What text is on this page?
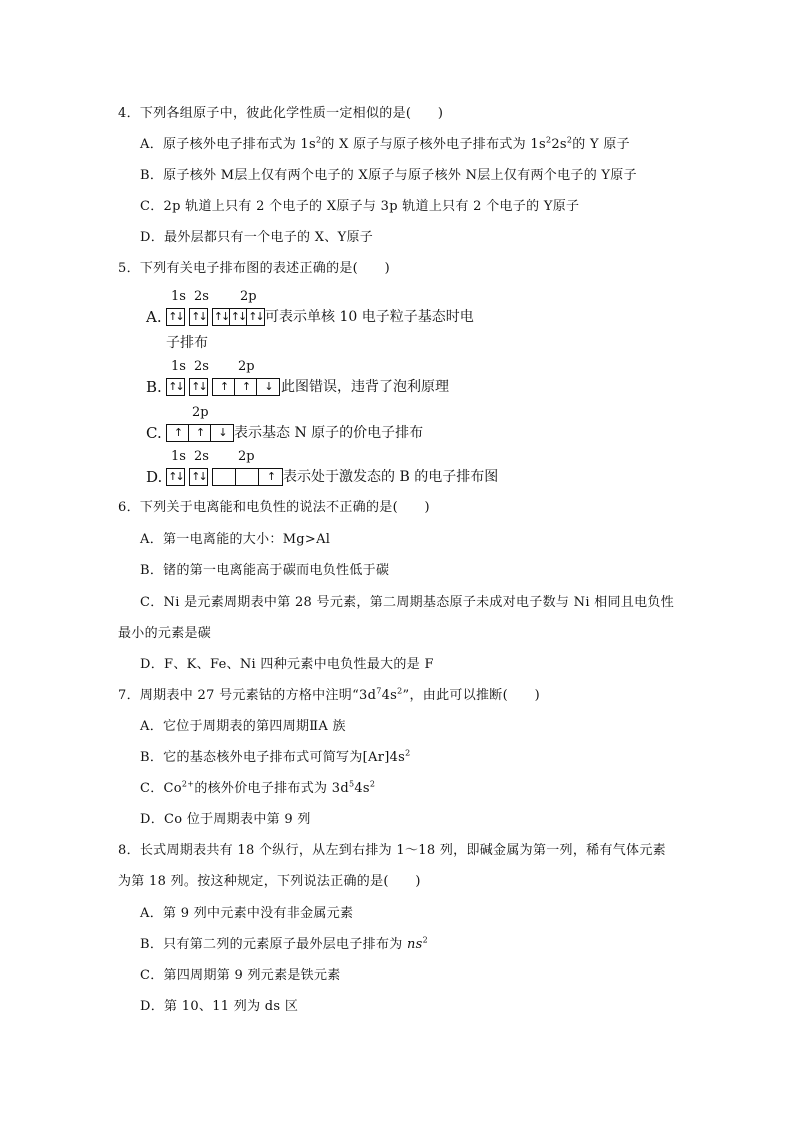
4．下列各组原子中，彼此化学性质一定相似的是(　　)
A．原子核外电子排布式为 $1s^2$的 X 原子与原子核外电子排布式为 $1s^22s^2$的 Y 原子
B．原子核外 M层上仅有两个电子的 X原子与原子核外 N层上仅有两个电子的 Y原子
C．2p 轨道上只有 2 个电子的 X原子与 3p 轨道上只有 2 个电子的 Y原子
D．最外层都只有一个电子的 X、Y原子
5．下列有关电子排布图的表述正确的是(　　)
A.
1s 2s 2p
↑↓ ↑↓ ↑↓ ↑↓ ↑↓ 可表示单核 10 电子粒子基态时电
子排布
B.
1s 2s 2p
↑↓ ↑↓ ↑ ↑ ↓ 此图错误，违背了泡利原理
C.
2p
↑ ↑ ↓ 表示基态 N 原子的价电子排布
D.
1s 2s 2p
↑↓ ↑↓	↑ 表示处于激发态的 B 的电子排布图
6．下列关于电离能和电负性的说法不正确的是(　　)
A．第一电离能的大小：Mg>Al
B．锗的第一电离能高于碳而电负性低于碳
C．Ni 是元素周期表中第 28 号元素，第二周期基态原子未成对电子数与 Ni 相同且电负性
最小的元素是碳
D．F、K、Fe、Ni 四种元素中电负性最大的是 F
7．周期表中 27 号元素钴的方格中注明“$3d^74s^2$”，由此可以推断(　　)
A．它位于周期表的第四周期ⅡA 族
B．它的基态核外电子排布式可简写为$[Ar]4s^2$
C．$Co^{2+}$的核外价电子排布式为 $3d^54s^2$
D．Co 位于周期表中第 9 列
8．长式周期表共有 18 个纵行，从左到右排为 1～18 列，即碱金属为第一列，稀有气体元素
为第 18 列。按这种规定，下列说法正确的是(　　)
A．第 9 列中元素中没有非金属元素
B．只有第二列的元素原子最外层电子排布为 $ns^2$
C．第四周期第 9 列元素是铁元素
D．第 10、11 列为 ds 区
